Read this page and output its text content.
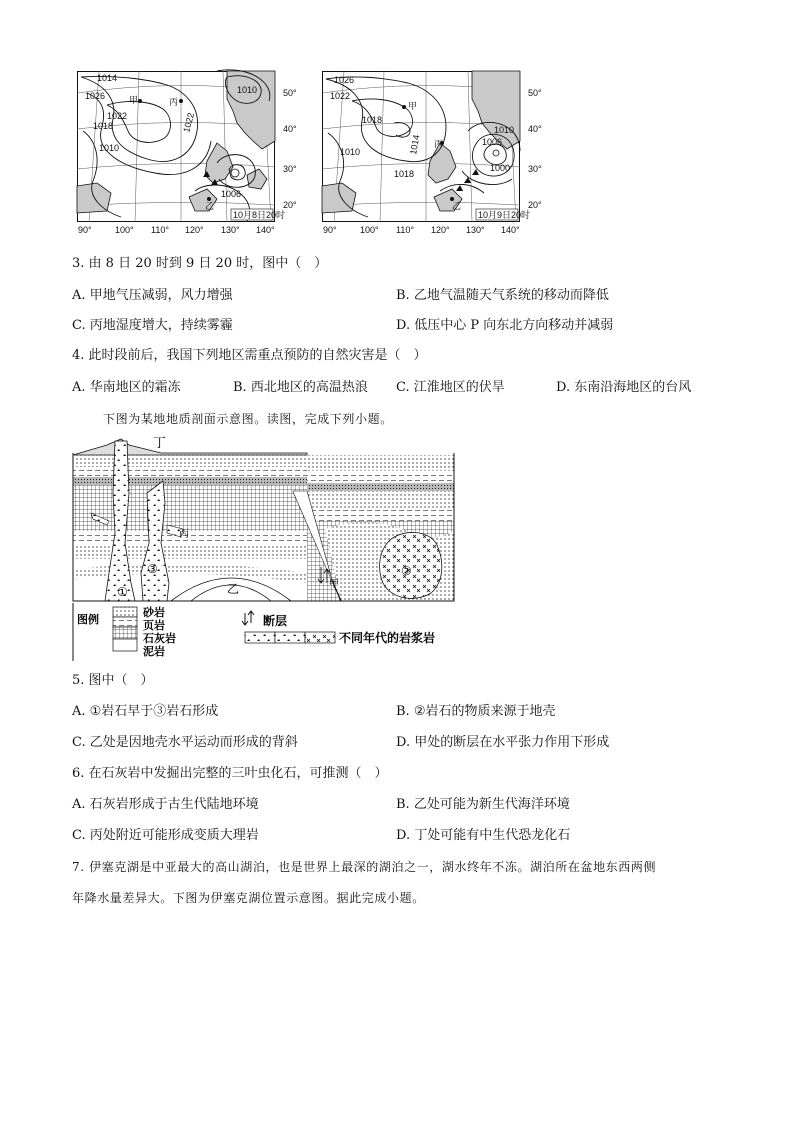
1014
1026
1022
1018	1022
1010
1006
1010
甲	丙
乙
10月8日20时
50°
40°
30°
20°
90°	100° 110° 120° 130° 140°
1026
1022
1018
1018
1014
1010
1010
1006
1000
甲
丙
乙
10月9日20时
50°
40°
30°
20°
90°	100° 110° 120° 130° 140°
3. 由 8 日 20 时到 9 日 20 时，图中（　）
A. 甲地气压减弱，风力增强	B. 乙地气温随天气系统的移动而降低
C. 丙地湿度增大，持续雾霾	D. 低压中心 P 向东北方向移动并减弱
4. 此时段前后，我国下列地区需重点预防的自然灾害是（　）
A. 华南地区的霜冻	B. 西北地区的高温热浪 C. 江淮地区的伏旱	D. 东南沿海地区的台风
下图为某地地质剖面示意图。读图，完成下列小题。
丁
丙
乙	甲
①
②
③
图例
砂岩
页岩
石灰岩
泥岩
断层
不同年代的岩浆岩
5. 图中（　）
A. ①岩石早于③岩石形成	B. ②岩石的物质来源于地壳
C. 乙处是因地壳水平运动而形成的背斜	D. 甲处的断层在水平张力作用下形成
6. 在石灰岩中发掘出完整的三叶虫化石，可推测（　）
A. 石灰岩形成于古生代陆地环境	B. 乙处可能为新生代海洋环境
C. 丙处附近可能形成变质大理岩	D. 丁处可能有中生代恐龙化石
7. 伊塞克湖是中亚最大的高山湖泊，也是世界上最深的湖泊之一，湖水终年不冻。湖泊所在盆地东西两侧
年降水量差异大。下图为伊塞克湖位置示意图。据此完成小题。
